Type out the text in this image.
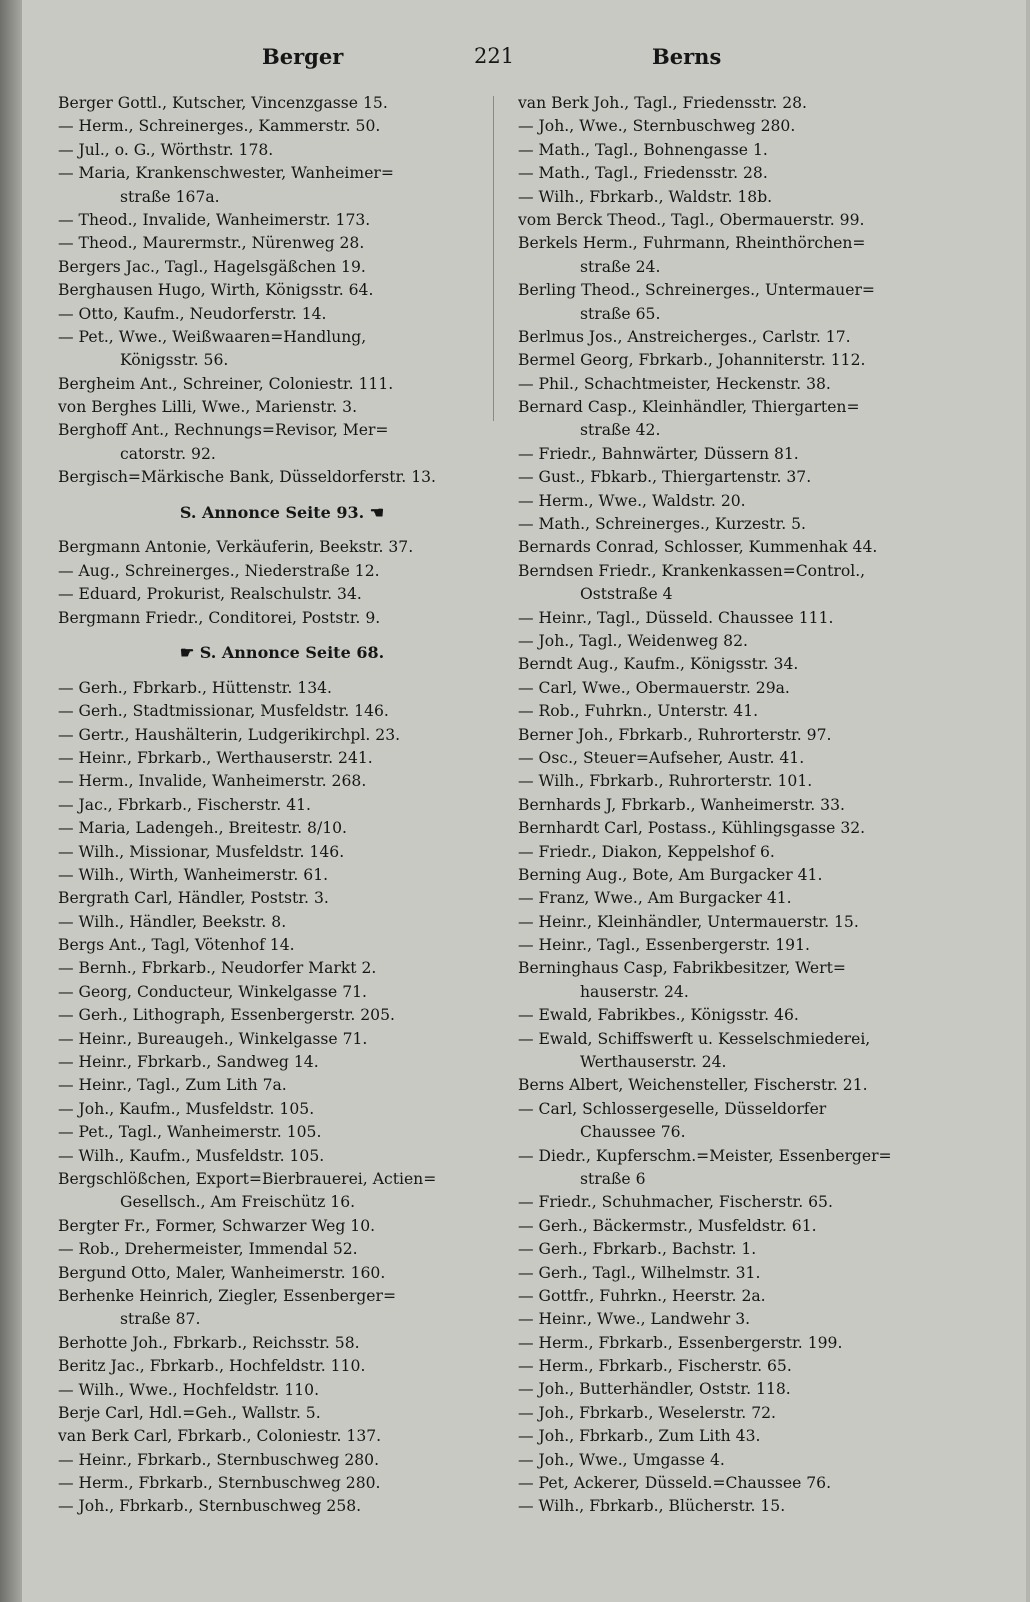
Berger	221	Berns
Berger Gottl., Kutscher, Vincenzgasse 15.
— Herm., Schreinerges., Kammerstr. 50.
— Jul., o. G., Wörthstr. 178.
— Maria, Krankenschwester, Wanheimer=
straße 167a.
— Theod., Invalide, Wanheimerstr. 173.
— Theod., Maurermstr., Nürenweg 28.
Bergers Jac., Tagl., Hagelsgäßchen 19.
Berghausen Hugo, Wirth, Königsstr. 64.
— Otto, Kaufm., Neudorferstr. 14.
— Pet., Wwe., Weißwaaren=Handlung,
Königsstr. 56.
Bergheim Ant., Schreiner, Coloniestr. 111.
von Berghes Lilli, Wwe., Marienstr. 3.
Berghoff Ant., Rechnungs=Revisor, Mer=
catorstr. 92.
Bergisch=Märkische Bank, Düsseldorferstr. 13.
S. Annonce Seite 93. ☚
Bergmann Antonie, Verkäuferin, Beekstr. 37.
— Aug., Schreinerges., Niederstraße 12.
— Eduard, Prokurist, Realschulstr. 34.
Bergmann Friedr., Conditorei, Poststr. 9.
☛ S. Annonce Seite 68.
— Gerh., Fbrkarb., Hüttenstr. 134.
— Gerh., Stadtmissionar, Musfeldstr. 146.
— Gertr., Haushälterin, Ludgerikirchpl. 23.
— Heinr., Fbrkarb., Werthauserstr. 241.
— Herm., Invalide, Wanheimerstr. 268.
— Jac., Fbrkarb., Fischerstr. 41.
— Maria, Ladengeh., Breitestr. 8/10.
— Wilh., Missionar, Musfeldstr. 146.
— Wilh., Wirth, Wanheimerstr. 61.
Bergrath Carl, Händler, Poststr. 3.
— Wilh., Händler, Beekstr. 8.
Bergs Ant., Tagl, Vötenhof 14.
— Bernh., Fbrkarb., Neudorfer Markt 2.
— Georg, Conducteur, Winkelgasse 71.
— Gerh., Lithograph, Essenbergerstr. 205.
— Heinr., Bureaugeh., Winkelgasse 71.
— Heinr., Fbrkarb., Sandweg 14.
— Heinr., Tagl., Zum Lith 7a.
— Joh., Kaufm., Musfeldstr. 105.
— Pet., Tagl., Wanheimerstr. 105.
— Wilh., Kaufm., Musfeldstr. 105.
Bergschlößchen, Export=Bierbrauerei, Actien=
Gesellsch., Am Freischütz 16.
Bergter Fr., Former, Schwarzer Weg 10.
— Rob., Drehermeister, Immendal 52.
Bergund Otto, Maler, Wanheimerstr. 160.
Berhenke Heinrich, Ziegler, Essenberger=
straße 87.
Berhotte Joh., Fbrkarb., Reichsstr. 58.
Beritz Jac., Fbrkarb., Hochfeldstr. 110.
— Wilh., Wwe., Hochfeldstr. 110.
Berje Carl, Hdl.=Geh., Wallstr. 5.
van Berk Carl, Fbrkarb., Coloniestr. 137.
— Heinr., Fbrkarb., Sternbuschweg 280.
— Herm., Fbrkarb., Sternbuschweg 280.
— Joh., Fbrkarb., Sternbuschweg 258.
van Berk Joh., Tagl., Friedensstr. 28.
— Joh., Wwe., Sternbuschweg 280.
— Math., Tagl., Bohnengasse 1.
— Math., Tagl., Friedensstr. 28.
— Wilh., Fbrkarb., Waldstr. 18b.
vom Berck Theod., Tagl., Obermauerstr. 99.
Berkels Herm., Fuhrmann, Rheinthörchen=
straße 24.
Berling Theod., Schreinerges., Untermauer=
straße 65.
Berlmus Jos., Anstreicherges., Carlstr. 17.
Bermel Georg, Fbrkarb., Johanniterstr. 112.
— Phil., Schachtmeister, Heckenstr. 38.
Bernard Casp., Kleinhändler, Thiergarten=
straße 42.
— Friedr., Bahnwärter, Düssern 81.
— Gust., Fbkarb., Thiergartenstr. 37.
— Herm., Wwe., Waldstr. 20.
— Math., Schreinerges., Kurzestr. 5.
Bernards Conrad, Schlosser, Kummenhak 44.
Berndsen Friedr., Krankenkassen=Control.,
Oststraße 4
— Heinr., Tagl., Düsseld. Chaussee 111.
— Joh., Tagl., Weidenweg 82.
Berndt Aug., Kaufm., Königsstr. 34.
— Carl, Wwe., Obermauerstr. 29a.
— Rob., Fuhrkn., Unterstr. 41.
Berner Joh., Fbrkarb., Ruhrorterstr. 97.
— Osc., Steuer=Aufseher, Austr. 41.
— Wilh., Fbrkarb., Ruhrorterstr. 101.
Bernhards J, Fbrkarb., Wanheimerstr. 33.
Bernhardt Carl, Postass., Kühlingsgasse 32.
— Friedr., Diakon, Keppelshof 6.
Berning Aug., Bote, Am Burgacker 41.
— Franz, Wwe., Am Burgacker 41.
— Heinr., Kleinhändler, Untermauerstr. 15.
— Heinr., Tagl., Essenbergerstr. 191.
Berninghaus Casp, Fabrikbesitzer, Wert=
hauserstr. 24.
— Ewald, Fabrikbes., Königsstr. 46.
— Ewald, Schiffswerft u. Kesselschmiederei,
Werthauserstr. 24.
Berns Albert, Weichensteller, Fischerstr. 21.
— Carl, Schlossergeselle, Düsseldorfer
Chaussee 76.
— Diedr., Kupferschm.=Meister, Essenberger=
straße 6
— Friedr., Schuhmacher, Fischerstr. 65.
— Gerh., Bäckermstr., Musfeldstr. 61.
— Gerh., Fbrkarb., Bachstr. 1.
— Gerh., Tagl., Wilhelmstr. 31.
— Gottfr., Fuhrkn., Heerstr. 2a.
— Heinr., Wwe., Landwehr 3.
— Herm., Fbrkarb., Essenbergerstr. 199.
— Herm., Fbrkarb., Fischerstr. 65.
— Joh., Butterhändler, Oststr. 118.
— Joh., Fbrkarb., Weselerstr. 72.
— Joh., Fbrkarb., Zum Lith 43.
— Joh., Wwe., Umgasse 4.
— Pet, Ackerer, Düsseld.=Chaussee 76.
— Wilh., Fbrkarb., Blücherstr. 15.
